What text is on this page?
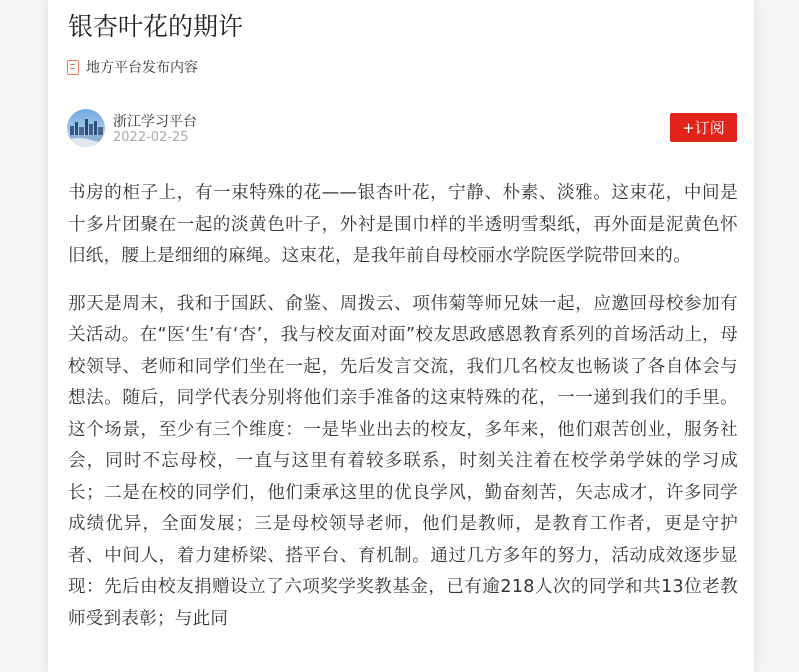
银杏叶花的期许
地方平台发布内容
浙江学习平台
2022-02-25
+订阅

书房的柜子上，有一束特殊的花——银杏叶花，宁静、朴素、淡雅。这束花，中间是十多片团聚在一起的淡黄色叶子，外衬是围巾样的半透明雪梨纸，再外面是泥黄色怀旧纸，腰上是细细的麻绳。这束花，是我年前自母校丽水学院医学院带回来的。

那天是周末，我和于国跃、俞鉴、周拨云、项伟菊等师兄妹一起，应邀回母校参加有关活动。在“医‘生’有‘杏’，我与校友面对面”校友思政感恩教育系列的首场活动上，母校领导、老师和同学们坐在一起，先后发言交流，我们几名校友也畅谈了各自体会与想法。随后，同学代表分别将他们亲手准备的这束特殊的花，一一递到我们的手里。这个场景，至少有三个维度：一是毕业出去的校友，多年来，他们艰苦创业，服务社会，同时不忘母校，一直与这里有着较多联系，时刻关注着在校学弟学妹的学习成长；二是在校的同学们，他们秉承这里的优良学风，勤奋刻苦，矢志成才，许多同学成绩优异，全面发展；三是母校领导老师，他们是教师，是教育工作者，更是守护者、中间人，着力建桥梁、搭平台、育机制。通过几方多年的努力，活动成效逐步显现：先后由校友捐赠设立了六项奖学奖教基金，已有逾218人次的同学和共13位老教师受到表彰；与此同
